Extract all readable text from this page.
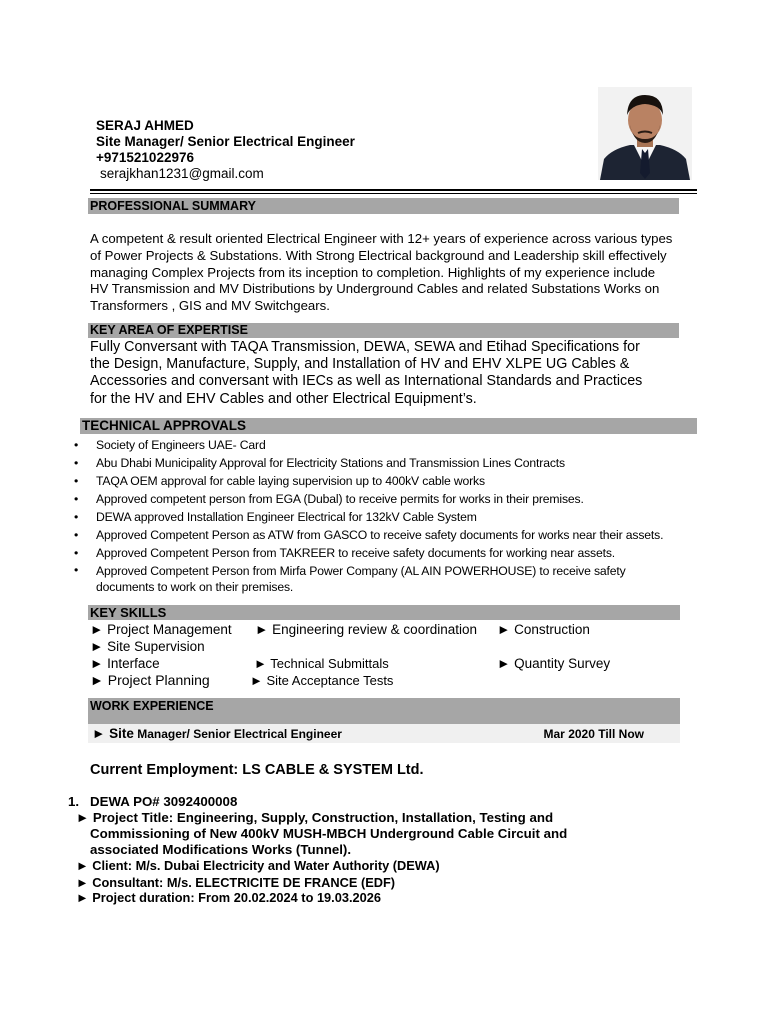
SERAJ AHMED
Site Manager/ Senior Electrical Engineer
+971521022976
serajkhan1231@gmail.com
PROFESSIONAL SUMMARY
A competent & result oriented Electrical Engineer with 12+ years of experience across various types
of Power Projects & Substations. With Strong Electrical background and Leadership skill effectively
managing Complex Projects from its inception to completion. Highlights of my experience include
HV Transmission and MV Distributions by Underground Cables and related Substations Works on
Transformers , GIS and MV Switchgears.
KEY AREA OF EXPERTISE
Fully Conversant with TAQA Transmission, DEWA, SEWA and Etihad Specifications for
the Design, Manufacture, Supply, and Installation of HV and EHV XLPE UG Cables &
Accessories and conversant with IECs as well as International Standards and Practices
for the HV and EHV Cables and other Electrical Equipment’s.
TECHNICAL APPROVALS
• Society of Engineers UAE- Card
• Abu Dhabi Municipality Approval for Electricity Stations and Transmission Lines Contracts
• TAQA OEM approval for cable laying supervision up to 400kV cable works
• Approved competent person from EGA (Dubal) to receive permits for works in their premises.
• DEWA approved Installation Engineer Electrical for 132kV Cable System
• Approved Competent Person as ATW from GASCO to receive safety documents for works near their assets.
• Approved Competent Person from TAKREER to receive safety documents for working near assets.
• Approved Competent Person from Mirfa Power Company (AL AIN POWERHOUSE) to receive safety
documents to work on their premises.
KEY SKILLS
► Project Management ► Engineering review & coordination ► Construction
► Site Supervision
► Interface	► Technical Submittals	► Quantity Survey
► Project Planning	► Site Acceptance Tests
WORK EXPERIENCE
► Site Manager/ Senior Electrical Engineer	Mar 2020 Till Now
Current Employment: LS CABLE & SYSTEM Ltd.
1. DEWA PO# 3092400008
► Project Title: Engineering, Supply, Construction, Installation, Testing and
Commissioning of New 400kV MUSH-MBCH Underground Cable Circuit and
associated Modifications Works (Tunnel).
► Client: M/s. Dubai Electricity and Water Authority (DEWA)
► Consultant: M/s. ELECTRICITE DE FRANCE (EDF)
► Project duration: From 20.02.2024 to 19.03.2026
